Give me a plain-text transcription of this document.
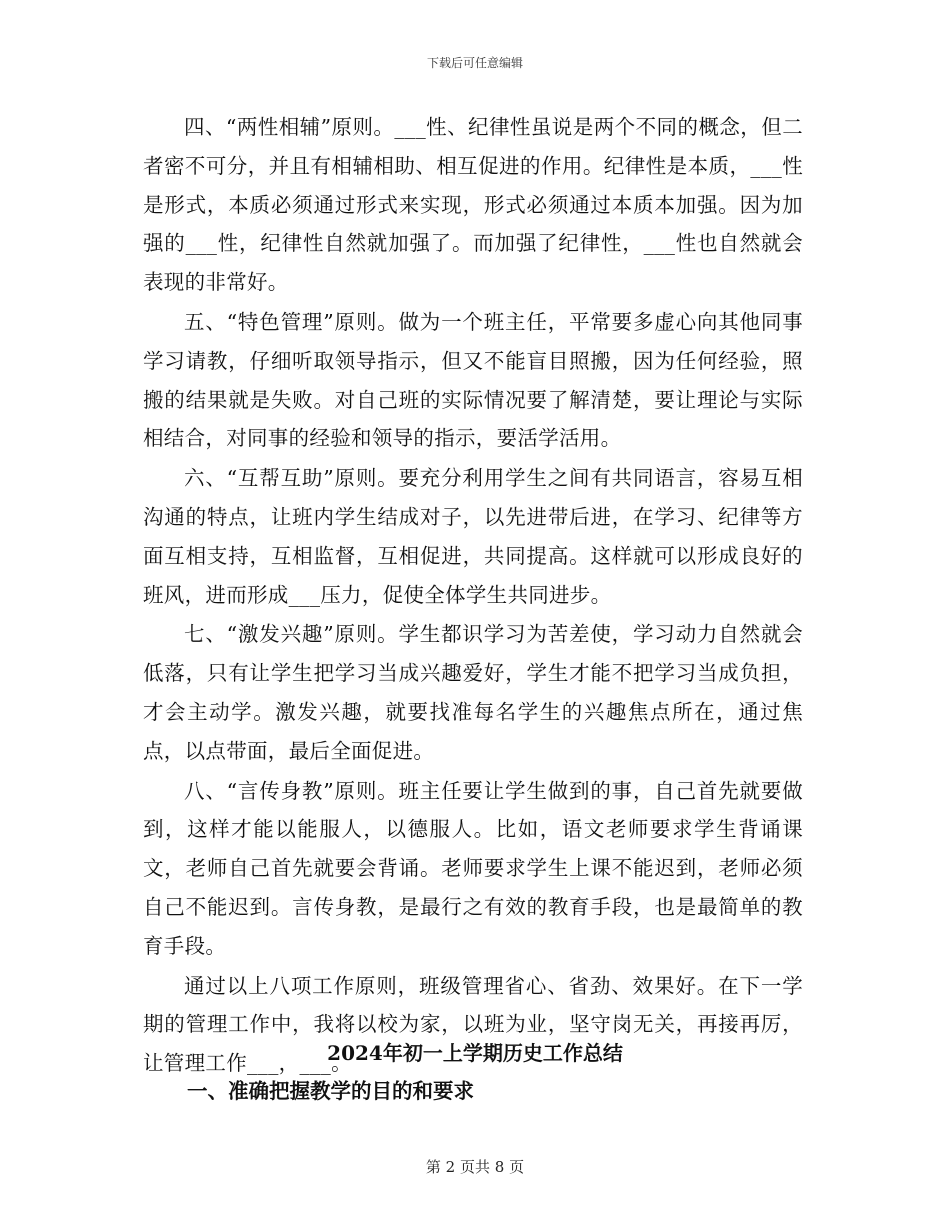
下载后可任意编辑

四、“两性相辅”原则。___性、纪律性虽说是两个不同的概念，但二者密不可分，并且有相辅相助、相互促进的作用。纪律性是本质，___性是形式，本质必须通过形式来实现，形式必须通过本质本加强。因为加强的___性，纪律性自然就加强了。而加强了纪律性，___性也自然就会表现的非常好。

五、“特色管理”原则。做为一个班主任，平常要多虚心向其他同事学习请教，仔细听取领导指示，但又不能盲目照搬，因为任何经验，照搬的结果就是失败。对自己班的实际情况要了解清楚，要让理论与实际相结合，对同事的经验和领导的指示，要活学活用。

六、“互帮互助”原则。要充分利用学生之间有共同语言，容易互相沟通的特点，让班内学生结成对子，以先进带后进，在学习、纪律等方面互相支持，互相监督，互相促进，共同提高。这样就可以形成良好的班风，进而形成___压力，促使全体学生共同进步。

七、“激发兴趣”原则。学生都识学习为苦差使，学习动力自然就会低落，只有让学生把学习当成兴趣爱好，学生才能不把学习当成负担，才会主动学。激发兴趣，就要找准每名学生的兴趣焦点所在，通过焦点，以点带面，最后全面促进。

八、“言传身教”原则。班主任要让学生做到的事，自己首先就要做到，这样才能以能服人，以德服人。比如，语文老师要求学生背诵课文，老师自己首先就要会背诵。老师要求学生上课不能迟到，老师必须自己不能迟到。言传身教，是最行之有效的教育手段，也是最简单的教育手段。

通过以上八项工作原则，班级管理省心、省劲、效果好。在下一学期的管理工作中，我将以校为家，以班为业，坚守岗无关，再接再厉，让管理工作___，___。

2024年初一上学期历史工作总结
一、准确把握教学的目的和要求
第 2 页共 8 页
